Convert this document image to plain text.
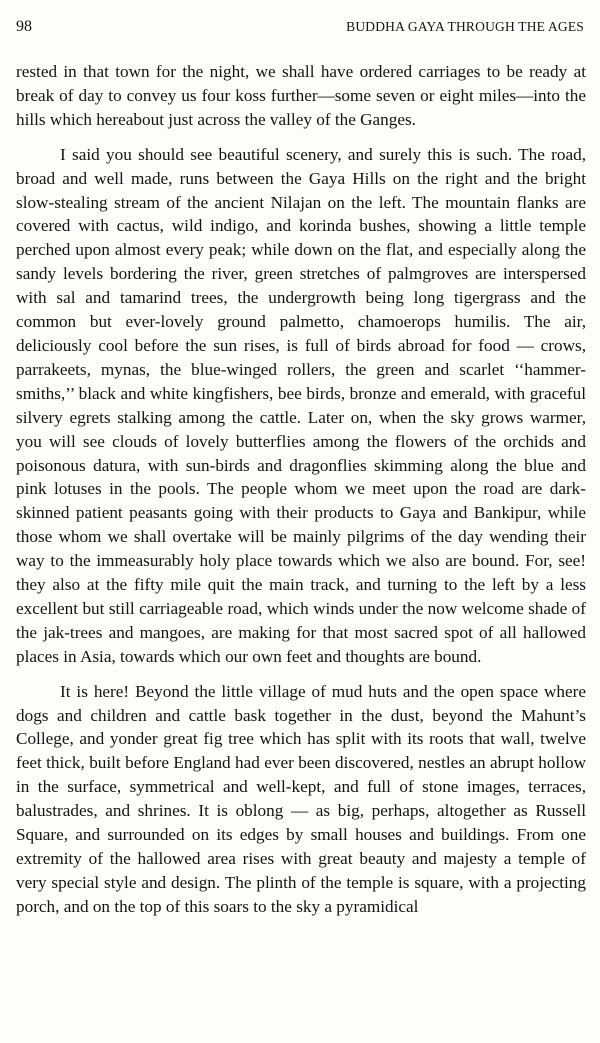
98	BUDDHA GAYA THROUGH THE AGES

rested in that town for the night, we shall have ordered carriages to be ready at break of day to convey us four koss further—some seven or eight miles—into the hills which hereabout just across the valley of the Ganges.

I said you should see beautiful scenery, and surely this is such. The road, broad and well made, runs between the Gaya Hills on the right and the bright slow-stealing stream of the ancient Nilajan on the left. The mountain flanks are covered with cactus, wild indigo, and korinda bushes, showing a little temple perched upon almost every peak; while down on the flat, and especially along the sandy levels bordering the river, green stretches of palmgroves are interspersed with sal and tamarind trees, the undergrowth being long tigergrass and the common but ever-lovely ground palmetto, chamoerops humilis. The air, deliciously cool before the sun rises, is full of birds abroad for food — crows, parrakeets, mynas, the blue-winged rollers, the green and scarlet ‘‘hammer-smiths,’’ black and white kingfishers, bee birds, bronze and emerald, with graceful silvery egrets stalking among the cattle. Later on, when the sky grows warmer, you will see clouds of lovely butterflies among the flowers of the orchids and poisonous datura, with sun-birds and dragonflies skimming along the blue and pink lotuses in the pools. The people whom we meet upon the road are dark-skinned patient peasants going with their products to Gaya and Bankipur, while those whom we shall overtake will be mainly pilgrims of the day wending their way to the immeasurably holy place towards which we also are bound. For, see! they also at the fifty mile quit the main track, and turning to the left by a less excellent but still carriageable road, which winds under the now welcome shade of the jak-trees and mangoes, are making for that most sacred spot of all hallowed places in Asia, towards which our own feet and thoughts are bound.

It is here! Beyond the little village of mud huts and the open space where dogs and children and cattle bask together in the dust, beyond the Mahunt’s College, and yonder great fig tree which has split with its roots that wall, twelve feet thick, built before England had ever been discovered, nestles an abrupt hollow in the surface, symmetrical and well-kept, and full of stone images, terraces, balustrades, and shrines. It is oblong — as big, perhaps, altogether as Russell Square, and surrounded on its edges by small houses and buildings. From one extremity of the hallowed area rises with great beauty and majesty a temple of very special style and design. The plinth of the temple is square, with a projecting porch, and on the top of this soars to the sky a pyramidical
